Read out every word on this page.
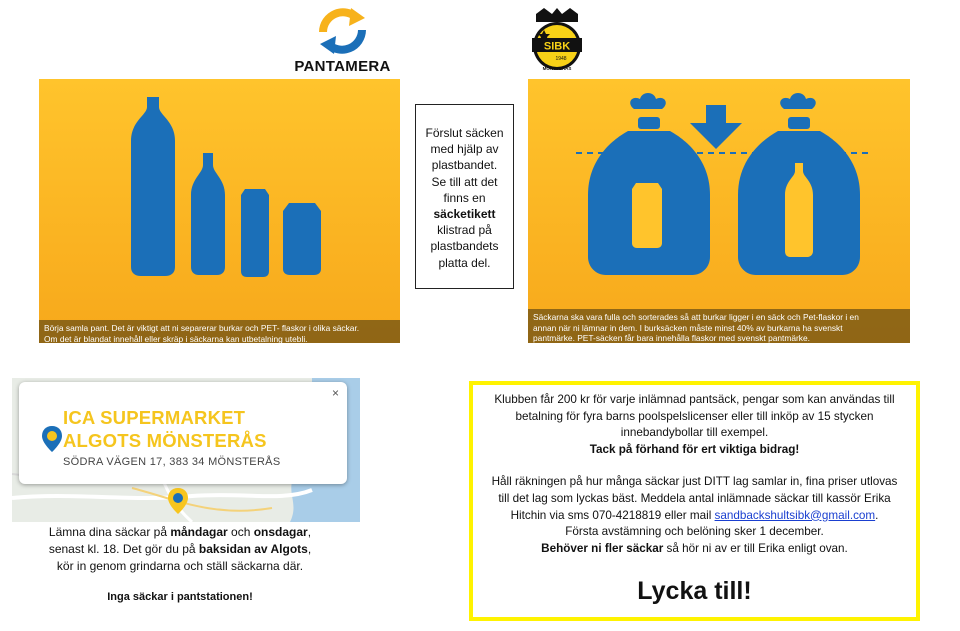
PANTAMERA
SIBK
1948
MÖNSTERÅS
Börja samla pant. Det är viktigt att ni separerar burkar och PET- flaskor i olika säckar.
Om det är blandat innehåll eller skräp i säckarna kan utbetalning utebli.
Förslut säcken
med hjälp av
plastbandet.
Se till att det
finns en
säcketikett
klistrad på
plastbandets
platta del.
Säckarna ska vara fulla och sorterades så att burkar ligger i en säck och Pet-flaskor i en
annan när ni lämnar in dem. I burksäcken måste minst 40% av burkarna ha svenskt
pantmärke. PET-säcken får bara innehålla flaskor med svenskt pantmärke.
×
ICA SUPERMARKET
ALGOTS MÖNSTERÅS
SÖDRA VÄGEN 17, 383 34 MÖNSTERÅS
Lämna dina säckar på måndagar och onsdagar,
senast kl. 18. Det gör du på baksidan av Algots,
kör in genom grindarna och ställ säckarna där.
Inga säckar i pantstationen!

Klubben får 200 kr för varje inlämnad pantsäck, pengar som kan användas till

betalning för fyra barns poolspelslicenser eller till inköp av 15 stycken

innebandybollar till exempel.

Tack på förhand för ert viktiga bidrag!

Håll räkningen på hur många säckar just DITT lag samlar in, fina priser utlovas

till det lag som lyckas bäst. Meddela antal inlämnade säckar till kassör Erika

Hitchin via sms 070-4218819 eller mail sandbackshultsibk@gmail.com.

Första avstämning och belöning sker 1 december.

Behöver ni fler säckar så hör ni av er till Erika enligt ovan.

Lycka till!
